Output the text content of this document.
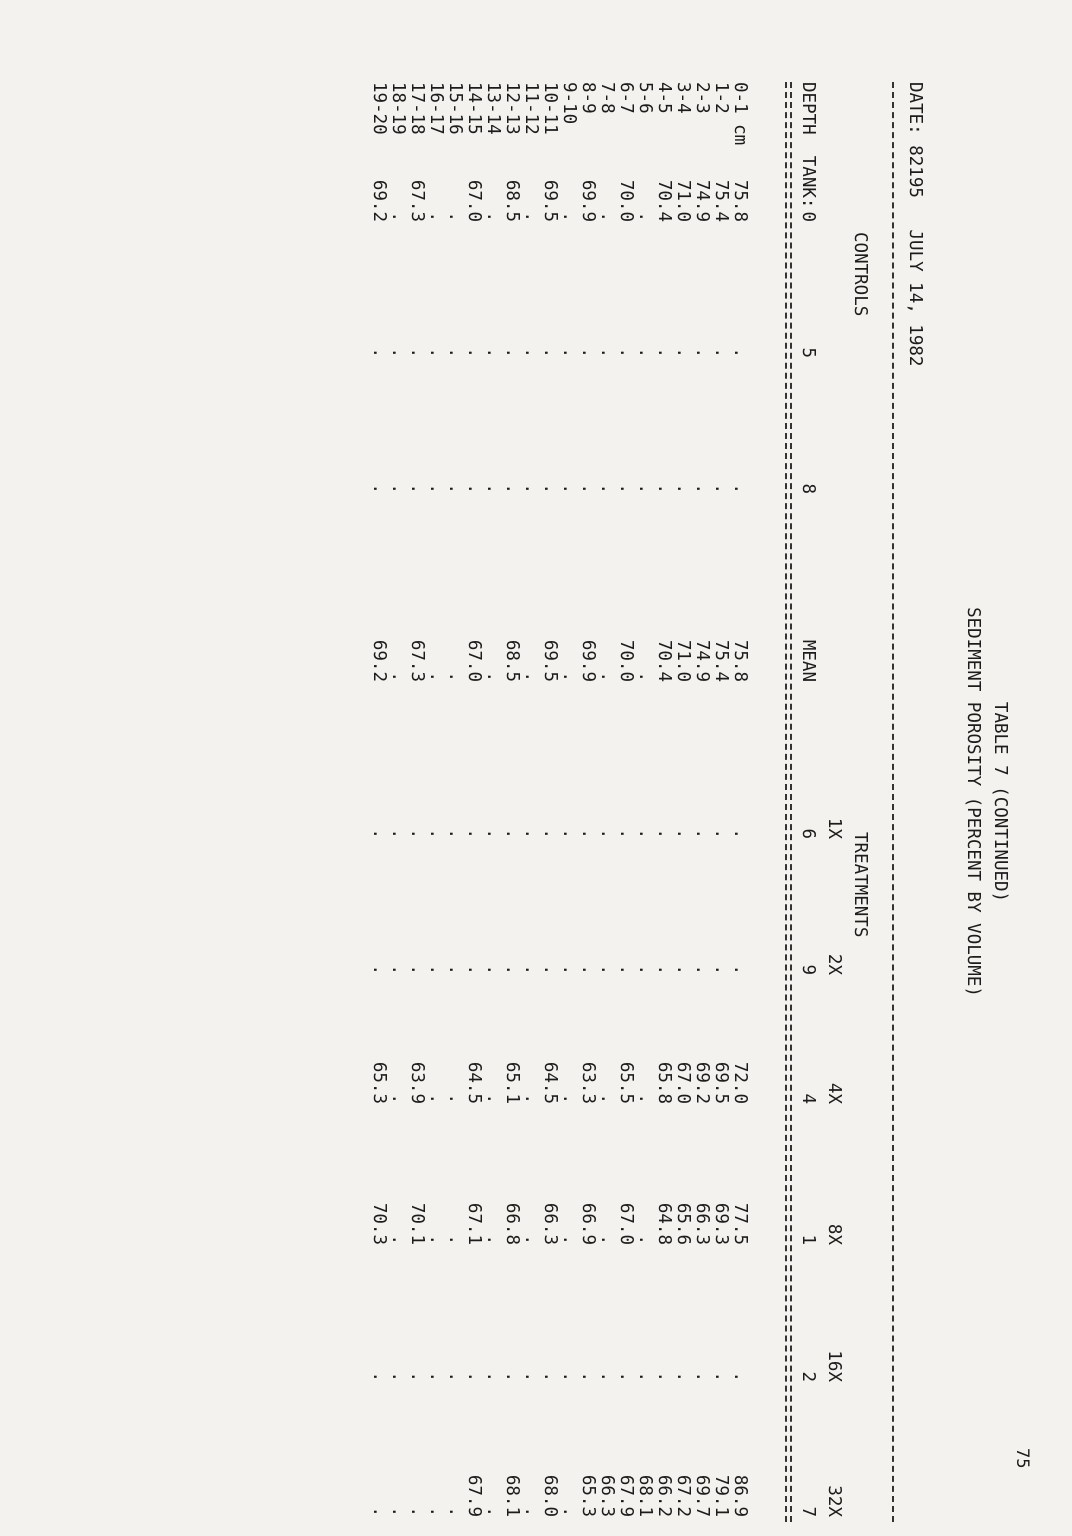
75
TABLE 7 (CONTINUED)
SEDIMENT POROSITY (PERCENT BY VOLUME)
DATE: 82195   JULY 14, 1982
CONTROLS
TREATMENTS
0
5
8
MEAN
1X
6
2X
9
4X
4
8X
1
16X
2
32X
7
DEPTH  TANK:
0-1 cm
75.8
.
.
75.8
.
.
72.0
77.5
.
86.9
1-2
75.4
.
.
75.4
.
.
69.5
69.3
.
79.1
2-3
74.9
.
.
74.9
.
.
69.2
66.3
.
69.7
3-4
71.0
.
.
71.0
.
.
67.0
65.6
.
67.2
4-5
70.4
.
.
70.4
.
.
65.8
64.8
.
66.2
5-6
.
.
.
.
.
.
.
.
.
68.1
6-7
70.0
.
.
70.0
.
.
65.5
67.0
.
67.9
7-8
.
.
.
.
.
.
.
.
.
66.3
8-9
69.9
.
.
69.9
.
.
63.3
66.9
.
65.3
9-10
.
.
.
.
.
.
.
.
.
.
10-11
69.5
.
.
69.5
.
.
64.5
66.3
.
68.0
11-12
.
.
.
.
.
.
.
.
.
.
12-13
68.5
.
.
68.5
.
.
65.1
66.8
.
68.1
13-14
.
.
.
.
.
.
.
.
.
.
14-15
67.0
.
.
67.0
.
.
64.5
67.1
.
67.9
15-16
.
.
.
.
.
.
.
.
.
.
16-17
.
.
.
.
.
.
.
.
.
.
17-18
67.3
.
.
67.3
.
.
63.9
70.1
.
.
18-19
.
.
.
.
.
.
.
.
.
.
19-20
69.2
.
.
69.2
.
.
65.3
70.3
.
.
